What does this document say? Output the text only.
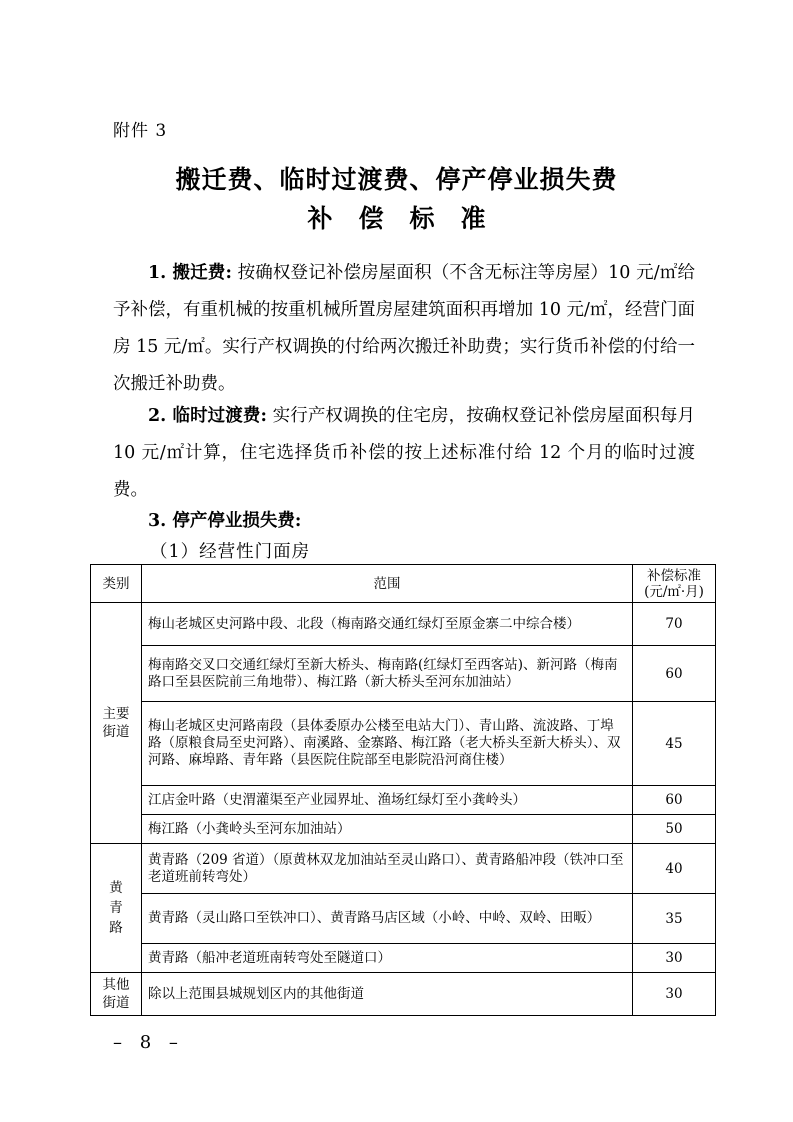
附件 3
搬迁费、临时过渡费、停产停业损失费
补偿标准
1. 搬迁费: 按确权登记补偿房屋面积（不含无标注等房屋）10 元/㎡给予补偿，有重机械的按重机械所置房屋建筑面积再增加 10 元/㎡，经营门面房 15 元/㎡。实行产权调换的付给两次搬迁补助费；实行货币补偿的付给一次搬迁补助费。
2. 临时过渡费: 实行产权调换的住宅房，按确权登记补偿房屋面积每月 10 元/㎡计算，住宅选择货币补偿的按上述标准付给 12 个月的临时过渡费。
3. 停产停业损失费:
（1）经营性门面房
类别	范围	补偿标准(元/㎡·月)
主要街道	梅山老城区史河路中段、北段（梅南路交通红绿灯至原金寨二中综合楼）	70
	梅南路交叉口交通红绿灯至新大桥头、梅南路(红绿灯至西客站)、新河路（梅南路口至县医院前三角地带）、梅江路（新大桥头至河东加油站）	60
	梅山老城区史河路南段（县体委原办公楼至电站大门）、青山路、流波路、丁埠路（原粮食局至史河路）、南溪路、金寨路、梅江路（老大桥头至新大桥头）、双河路、麻埠路、青年路（县医院住院部至电影院沿河商住楼）	45
	江店金叶路（史渭灌渠至产业园界址、渔场红绿灯至小龚岭头）	60
	梅江路（小龚岭头至河东加油站）	50

黄青路	黄青路（209 省道）（原黄林双龙加油站至灵山路口）、黄青路船冲段（铁冲口至老道班前转弯处）	40
	黄青路（灵山路口至铁冲口）、黄青路马店区域（小岭、中岭、双岭、田畈）	35
	黄青路（船冲老道班南转弯处至隧道口）	30
其他街道	除以上范围县城规划区内的其他街道	30
– 8 –
